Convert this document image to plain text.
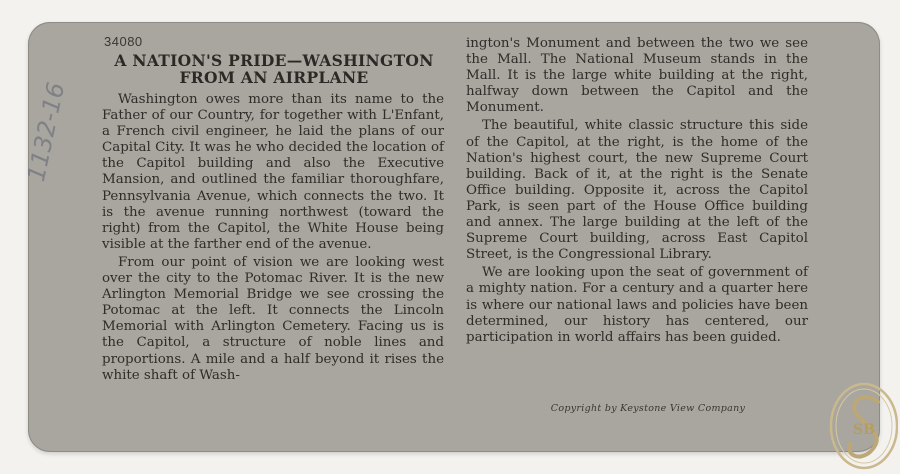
34080
A NATION'S PRIDE—WASHINGTON
FROM AN AIRPLANE

Washington owes more than its name to the Father of our Country, for together with L'Enfant, a French civil engineer, he laid the plans of our Capital City. It was he who decided the location of the Capitol building and also the Executive Mansion, and outlined the familiar thoroughfare, Pennsylvania Avenue, which connects the two. It is the avenue running northwest (toward the right) from the Capitol, the White House being visible at the farther end of the avenue.

From our point of vision we are looking west over the city to the Potomac River. It is the new Arlington Memorial Bridge we see crossing the Potomac at the left. It connects the Lincoln Memorial with Arlington Cemetery. Facing us is the Capitol, a structure of noble lines and proportions. A mile and a half beyond it rises the white shaft of Wash-

ington's Monument and between the two we see the Mall. The National Museum stands in the Mall. It is the large white building at the right, halfway down between the Capitol and the Monument.

The beautiful, white classic structure this side of the Capitol, at the right, is the home of the Nation's highest court, the new Supreme Court building. Back of it, at the right is the Senate Office building. Opposite it, across the Capitol Park, is seen part of the House Office building and annex. The large building at the left of the Supreme Court building, across East Capitol Street, is the Congressional Library.

We are looking upon the seat of government of a mighty nation. For a century and a quarter here is where our national laws and policies have been determined, our history has centered, our participation in world affairs has been guided.

Copyright by Keystone View Company
1132-16
SB
